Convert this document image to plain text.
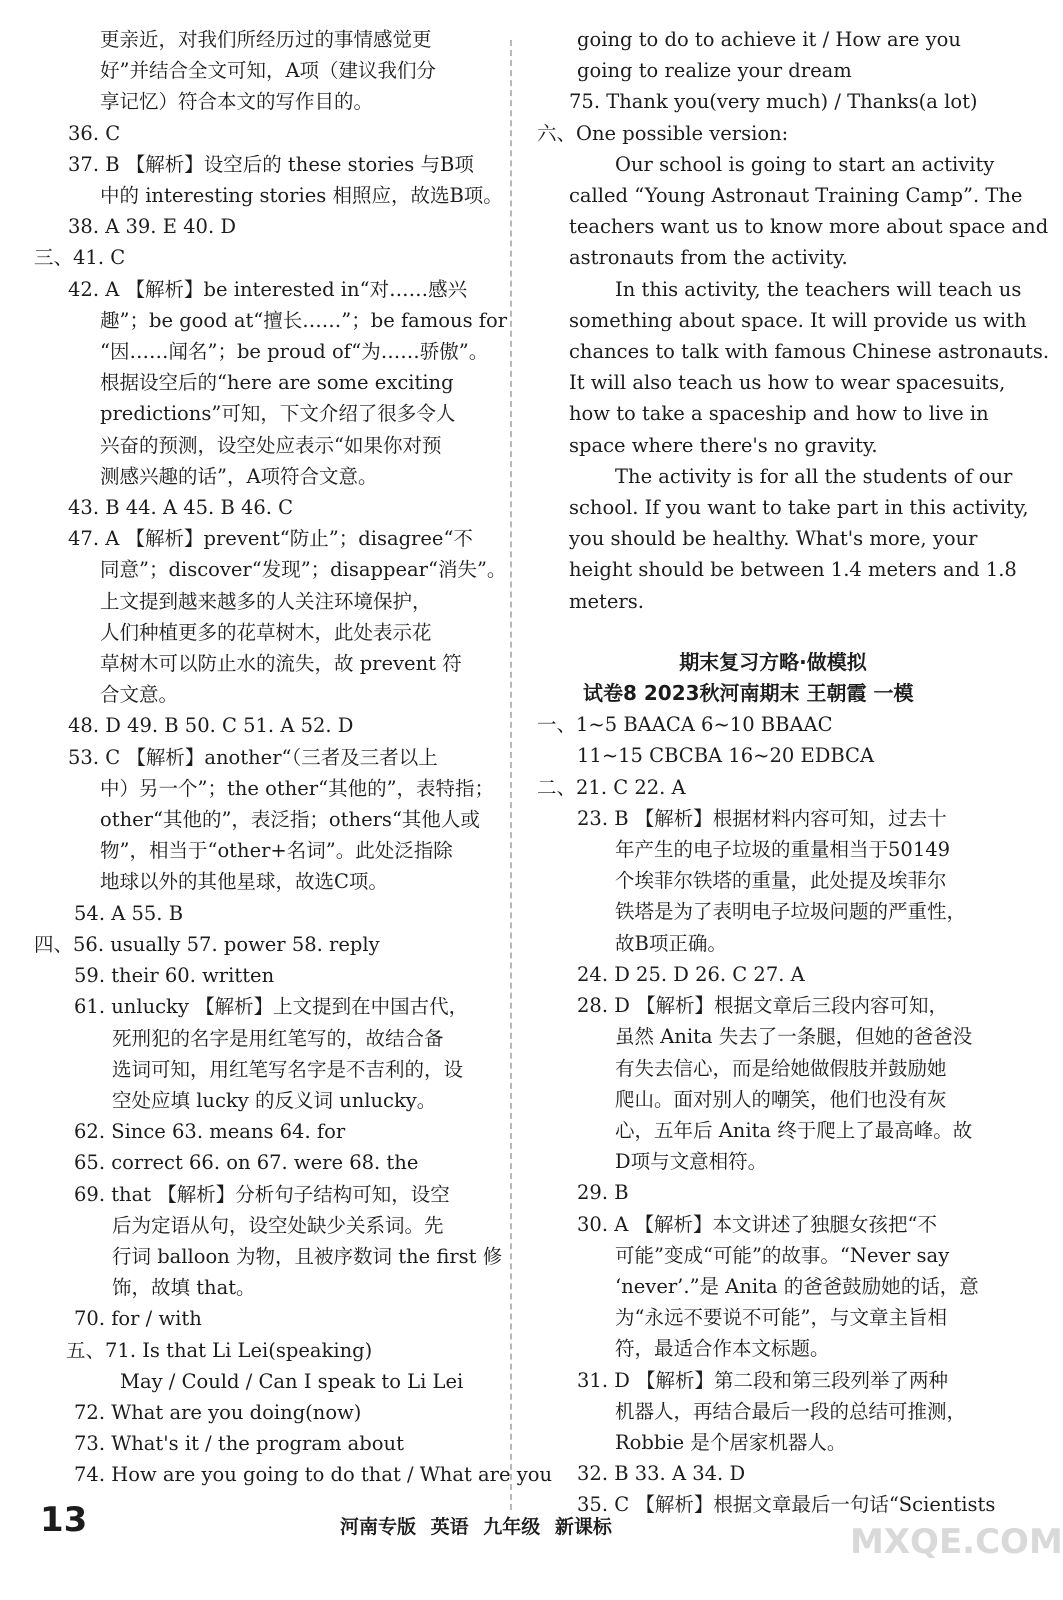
更亲近，对我们所经历过的事情感觉更
好”并结合全文可知，A项（建议我们分
享记忆）符合本文的写作目的。
36. C
37. B 【解析】设空后的 these stories 与B项
中的 interesting stories 相照应，故选B项。
38. A 39. E 40. D
三、41. C
42. A 【解析】be interested in“对……感兴
趣”；be good at“擅长……”；be famous for
“因……闻名”；be proud of“为……骄傲”。
根据设空后的“here are some exciting
predictions”可知，下文介绍了很多令人
兴奋的预测，设空处应表示“如果你对预
测感兴趣的话”，A项符合文意。
43. B 44. A 45. B 46. C
47. A 【解析】prevent“防止”；disagree“不
同意”；discover“发现”；disappear“消失”。
上文提到越来越多的人关注环境保护，
人们种植更多的花草树木，此处表示花
草树木可以防止水的流失，故 prevent 符
合文意。
48. D 49. B 50. C 51. A 52. D
53. C 【解析】another“（三者及三者以上
中）另一个”；the other“其他的”，表特指；
other“其他的”，表泛指；others“其他人或
物”，相当于“other+名词”。此处泛指除
地球以外的其他星球，故选C项。
54. A 55. B
四、56. usually 57. power 58. reply
59. their 60. written
61. unlucky 【解析】上文提到在中国古代，
死刑犯的名字是用红笔写的，故结合备
选词可知，用红笔写名字是不吉利的，设
空处应填 lucky 的反义词 unlucky。
62. Since 63. means 64. for
65. correct 66. on 67. were 68. the
69. that 【解析】分析句子结构可知，设空
后为定语从句，设空处缺少关系词。先
行词 balloon 为物，且被序数词 the first 修
饰，故填 that。
70. for / with
五、71. Is that Li Lei(speaking)
May / Could / Can I speak to Li Lei
72. What are you doing(now)
73. What's it / the program about
74. How are you going to do that / What are you
going to do to achieve it / How are you
going to realize your dream
75. Thank you(very much) / Thanks(a lot)
六、One possible version:
Our school is going to start an activity
called “Young Astronaut Training Camp”. The
teachers want us to know more about space and
astronauts from the activity.
In this activity, the teachers will teach us
something about space. It will provide us with
chances to talk with famous Chinese astronauts.
It will also teach us how to wear spacesuits,
how to take a spaceship and how to live in
space where there's no gravity.
The activity is for all the students of our
school. If you want to take part in this activity,
you should be healthy. What's more, your
height should be between 1.4 meters and 1.8
meters.
期末复习方略·做模拟
试卷8 2023秋河南期末 王朝霞 一模
一、1~5 BAACA 6~10 BBAAC
11~15 CBCBA 16~20 EDBCA
二、21. C 22. A
23. B 【解析】根据材料内容可知，过去十
年产生的电子垃圾的重量相当于50149
个埃菲尔铁塔的重量，此处提及埃菲尔
铁塔是为了表明电子垃圾问题的严重性，
故B项正确。
24. D 25. D 26. C 27. A
28. D 【解析】根据文章后三段内容可知，
虽然 Anita 失去了一条腿，但她的爸爸没
有失去信心，而是给她做假肢并鼓励她
爬山。面对别人的嘲笑，他们也没有灰
心，五年后 Anita 终于爬上了最高峰。故
D项与文意相符。
29. B
30. A 【解析】本文讲述了独腿女孩把“不
可能”变成“可能”的故事。“Never say
‘never’.”是 Anita 的爸爸鼓励她的话，意
为“永远不要说不可能”，与文章主旨相
符，最适合作本文标题。
31. D 【解析】第二段和第三段列举了两种
机器人，再结合最后一段的总结可推测，
Robbie 是个居家机器人。
32. B 33. A 34. D
35. C 【解析】根据文章最后一句话“Scientists
13	河南专版 英语 九年级 新课标	MXQE.COM
